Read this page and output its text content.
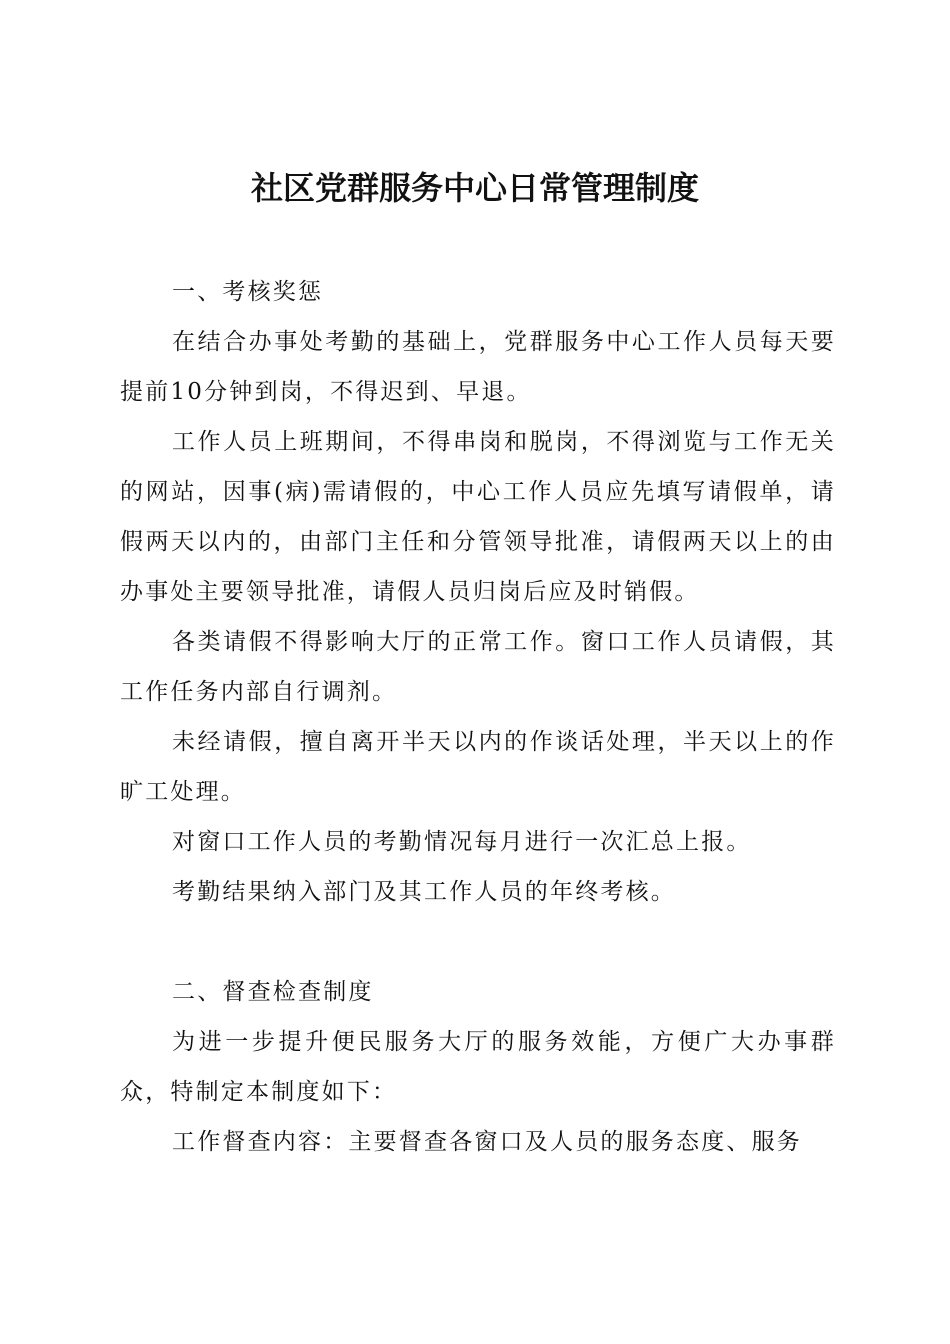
社区党群服务中心日常管理制度

一、考核奖惩

在结合办事处考勤的基础上，党群服务中心工作人员每天要提前10分钟到岗，不得迟到、早退。

工作人员上班期间，不得串岗和脱岗，不得浏览与工作无关的网站，因事(病)需请假的，中心工作人员应先填写请假单，请假两天以内的，由部门主任和分管领导批准，请假两天以上的由办事处主要领导批准，请假人员归岗后应及时销假。

各类请假不得影响大厅的正常工作。窗口工作人员请假，其工作任务内部自行调剂。

未经请假，擅自离开半天以内的作谈话处理，半天以上的作旷工处理。

对窗口工作人员的考勤情况每月进行一次汇总上报。

考勤结果纳入部门及其工作人员的年终考核。

二、督查检查制度

为进一步提升便民服务大厅的服务效能，方便广大办事群众，特制定本制度如下：

工作督查内容：主要督查各窗口及人员的服务态度、服务
